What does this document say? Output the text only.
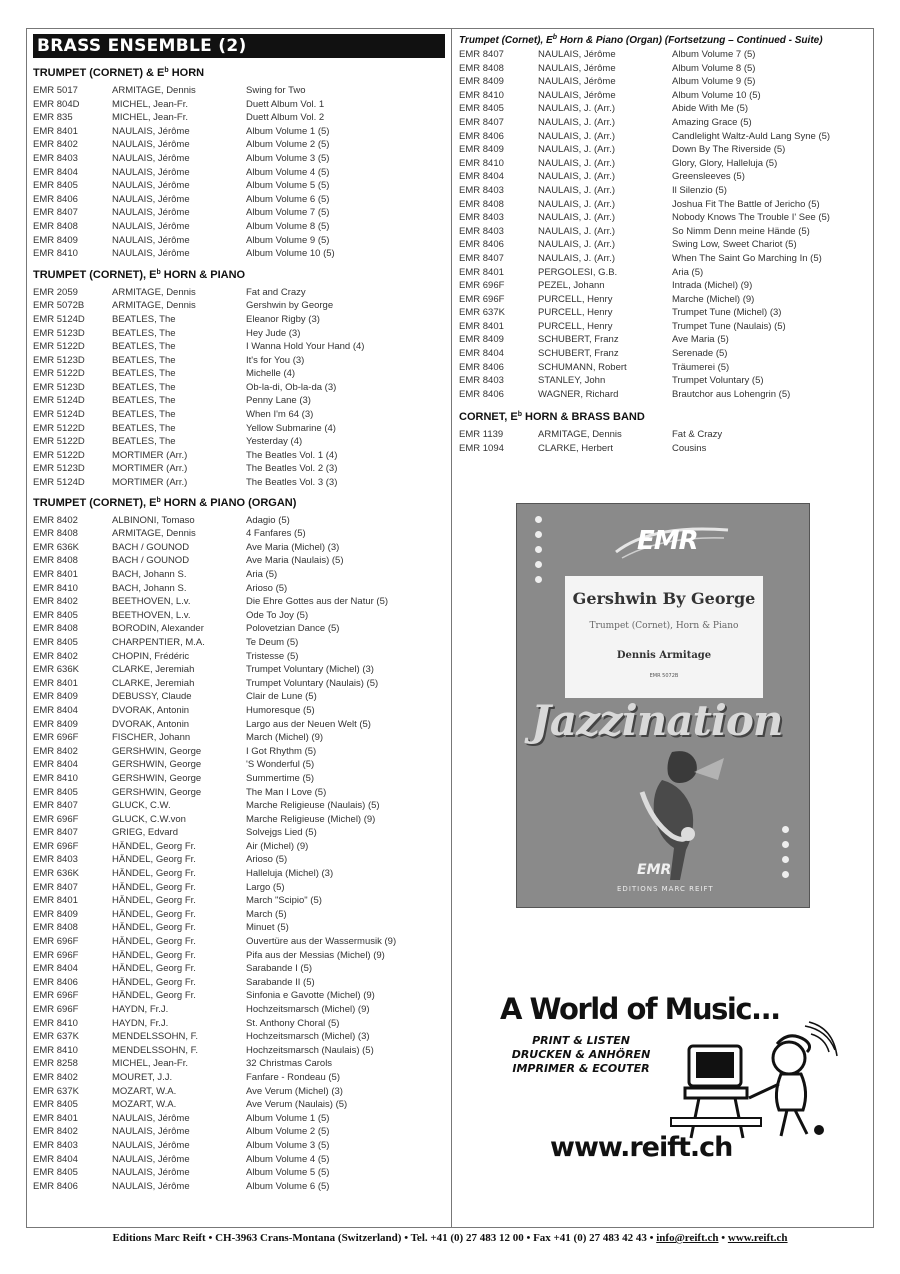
BRASS ENSEMBLE (2)
TRUMPET (CORNET) & $E^b$ HORN
EMR 5017	ARMITAGE, Dennis	Swing for Two
EMR 804D	MICHEL, Jean-Fr.	Duett Album Vol. 1
EMR 835	MICHEL, Jean-Fr.	Duett Album Vol. 2
EMR 8401	NAULAIS, Jérôme	Album Volume 1 (5)
EMR 8402	NAULAIS, Jérôme	Album Volume 2 (5)
EMR 8403	NAULAIS, Jérôme	Album Volume 3 (5)
EMR 8404	NAULAIS, Jérôme	Album Volume 4 (5)
EMR 8405	NAULAIS, Jérôme	Album Volume 5 (5)
EMR 8406	NAULAIS, Jérôme	Album Volume 6 (5)
EMR 8407	NAULAIS, Jérôme	Album Volume 7 (5)
EMR 8408	NAULAIS, Jérôme	Album Volume 8 (5)
EMR 8409	NAULAIS, Jérôme	Album Volume 9 (5)
EMR 8410	NAULAIS, Jérôme	Album Volume 10 (5)
TRUMPET (CORNET), $E^b$ HORN & PIANO
EMR 2059	ARMITAGE, Dennis	Fat and Crazy
EMR 5072B	ARMITAGE, Dennis	Gershwin by George
EMR 5124D	BEATLES, The	Eleanor Rigby (3)
EMR 5123D	BEATLES, The	Hey Jude (3)
EMR 5122D	BEATLES, The	I Wanna Hold Your Hand (4)
EMR 5123D	BEATLES, The	It's for You (3)
EMR 5122D	BEATLES, The	Michelle (4)
EMR 5123D	BEATLES, The	Ob-la-di, Ob-la-da (3)
EMR 5124D	BEATLES, The	Penny Lane (3)
EMR 5124D	BEATLES, The	When I'm 64 (3)
EMR 5122D	BEATLES, The	Yellow Submarine (4)
EMR 5122D	BEATLES, The	Yesterday (4)
EMR 5122D	MORTIMER (Arr.)	The Beatles Vol. 1 (4)
EMR 5123D	MORTIMER (Arr.)	The Beatles Vol. 2 (3)
EMR 5124D	MORTIMER (Arr.)	The Beatles Vol. 3 (3)
TRUMPET (CORNET), $E^b$ HORN & PIANO (ORGAN)
EMR 8402	ALBINONI, Tomaso	Adagio (5)
EMR 8408	ARMITAGE, Dennis	4 Fanfares (5)
EMR 636K	BACH / GOUNOD	Ave Maria (Michel) (3)
EMR 8408	BACH / GOUNOD	Ave Maria (Naulais) (5)
EMR 8401	BACH, Johann S.	Aria (5)
EMR 8410	BACH, Johann S.	Arioso (5)
EMR 8402	BEETHOVEN, L.v.	Die Ehre Gottes aus der Natur (5)
EMR 8405	BEETHOVEN, L.v.	Ode To Joy (5)
EMR 8408	BORODIN, Alexander	Polovetzian Dance (5)
EMR 8405	CHARPENTIER, M.A.	Te Deum (5)
EMR 8402	CHOPIN, Frédéric	Tristesse (5)
EMR 636K	CLARKE, Jeremiah	Trumpet Voluntary (Michel) (3)
EMR 8401	CLARKE, Jeremiah	Trumpet Voluntary (Naulais) (5)
EMR 8409	DEBUSSY, Claude	Clair de Lune (5)
EMR 8404	DVORAK, Antonin	Humoresque (5)
EMR 8409	DVORAK, Antonin	Largo aus der Neuen Welt (5)
EMR 696F	FISCHER, Johann	March (Michel) (9)
EMR 8402	GERSHWIN, George	I Got Rhythm (5)
EMR 8404	GERSHWIN, George	'S Wonderful (5)
EMR 8410	GERSHWIN, George	Summertime (5)
EMR 8405	GERSHWIN, George	The Man I Love (5)
EMR 8407	GLUCK, C.W.	Marche Religieuse (Naulais) (5)
EMR 696F	GLUCK, C.W.von	Marche Religieuse (Michel) (9)
EMR 8407	GRIEG, Edvard	Solvejgs Lied (5)
EMR 696F	HÄNDEL, Georg Fr.	Air (Michel) (9)
EMR 8403	HÄNDEL, Georg Fr.	Arioso (5)
EMR 636K	HÄNDEL, Georg Fr.	Halleluja (Michel) (3)
EMR 8407	HÄNDEL, Georg Fr.	Largo (5)
EMR 8401	HÄNDEL, Georg Fr.	March "Scipio" (5)
EMR 8409	HÄNDEL, Georg Fr.	March (5)
EMR 8408	HÄNDEL, Georg Fr.	Minuet (5)
EMR 696F	HÄNDEL, Georg Fr.	Ouvertüre aus der Wassermusik (9)
EMR 696F	HÄNDEL, Georg Fr.	Pifa aus der Messias (Michel) (9)
EMR 8404	HÄNDEL, Georg Fr.	Sarabande I (5)
EMR 8406	HÄNDEL, Georg Fr.	Sarabande II (5)
EMR 696F	HÄNDEL, Georg Fr.	Sinfonia e Gavotte (Michel) (9)
EMR 696F	HAYDN, Fr.J.	Hochzeitsmarsch (Michel) (9)
EMR 8410	HAYDN, Fr.J.	St. Anthony Choral (5)
EMR 637K	MENDELSSOHN, F.	Hochzeitsmarsch (Michel) (3)
EMR 8410	MENDELSSOHN, F.	Hochzeitsmarsch (Naulais) (5)
EMR 8258	MICHEL, Jean-Fr.	32 Christmas Carols
EMR 8402	MOURET, J.J.	Fanfare - Rondeau (5)
EMR 637K	MOZART, W.A.	Ave Verum (Michel) (3)
EMR 8405	MOZART, W.A.	Ave Verum (Naulais) (5)
EMR 8401	NAULAIS, Jérôme	Album Volume 1 (5)
EMR 8402	NAULAIS, Jérôme	Album Volume 2 (5)
EMR 8403	NAULAIS, Jérôme	Album Volume 3 (5)
EMR 8404	NAULAIS, Jérôme	Album Volume 4 (5)
EMR 8405	NAULAIS, Jérôme	Album Volume 5 (5)
EMR 8406	NAULAIS, Jérôme	Album Volume 6 (5)
Trumpet (Cornet), $E^b$ Horn & Piano (Organ) (Fortsetzung – Continued - Suite)
EMR 8407	NAULAIS, Jérôme	Album Volume 7 (5)
EMR 8408	NAULAIS, Jérôme	Album Volume 8 (5)
EMR 8409	NAULAIS, Jérôme	Album Volume 9 (5)
EMR 8410	NAULAIS, Jérôme	Album Volume 10 (5)
EMR 8405	NAULAIS, J. (Arr.)	Abide With Me (5)
EMR 8407	NAULAIS, J. (Arr.)	Amazing Grace (5)
EMR 8406	NAULAIS, J. (Arr.)	Candlelight Waltz-Auld Lang Syne (5)
EMR 8409	NAULAIS, J. (Arr.)	Down By The Riverside (5)
EMR 8410	NAULAIS, J. (Arr.)	Glory, Glory, Halleluja (5)
EMR 8404	NAULAIS, J. (Arr.)	Greensleeves (5)
EMR 8403	NAULAIS, J. (Arr.)	Il Silenzio (5)
EMR 8408	NAULAIS, J. (Arr.)	Joshua Fit The Battle of Jericho (5)
EMR 8403	NAULAIS, J. (Arr.)	Nobody Knows The Trouble I' See (5)
EMR 8403	NAULAIS, J. (Arr.)	So Nimm Denn meine Hände (5)
EMR 8406	NAULAIS, J. (Arr.)	Swing Low, Sweet Chariot (5)
EMR 8407	NAULAIS, J. (Arr.)	When The Saint Go Marching In (5)
EMR 8401	PERGOLESI, G.B.	Aria (5)
EMR 696F	PEZEL, Johann	Intrada (Michel) (9)
EMR 696F	PURCELL, Henry	Marche (Michel) (9)
EMR 637K	PURCELL, Henry	Trumpet Tune (Michel) (3)
EMR 8401	PURCELL, Henry	Trumpet Tune (Naulais) (5)
EMR 8409	SCHUBERT, Franz	Ave Maria (5)
EMR 8404	SCHUBERT, Franz	Serenade (5)
EMR 8406	SCHUMANN, Robert	Träumerei (5)
EMR 8403	STANLEY, John	Trumpet Voluntary (5)
EMR 8406	WAGNER, Richard	Brautchor aus Lohengrin (5)
CORNET, $E^b$ HORN & BRASS BAND
EMR 1139	ARMITAGE, Dennis	Fat & Crazy
EMR 1094	CLARKE, Herbert	Cousins
EMR
Gershwin By George
Trumpet (Cornet), Horn & Piano
Dennis Armitage
EMR 5072B
Jazzination
EMR
EDITIONS MARC REIFT
A World of Music...
PRINT & LISTEN
DRUCKEN & ANHÖREN
IMPRIMER & ECOUTER
www.reift.ch
Editions Marc Reift • CH-3963 Crans-Montana (Switzerland) • Tel. +41 (0) 27 483 12 00 • Fax +41 (0) 27 483 42 43 • info@reift.ch • www.reift.ch
